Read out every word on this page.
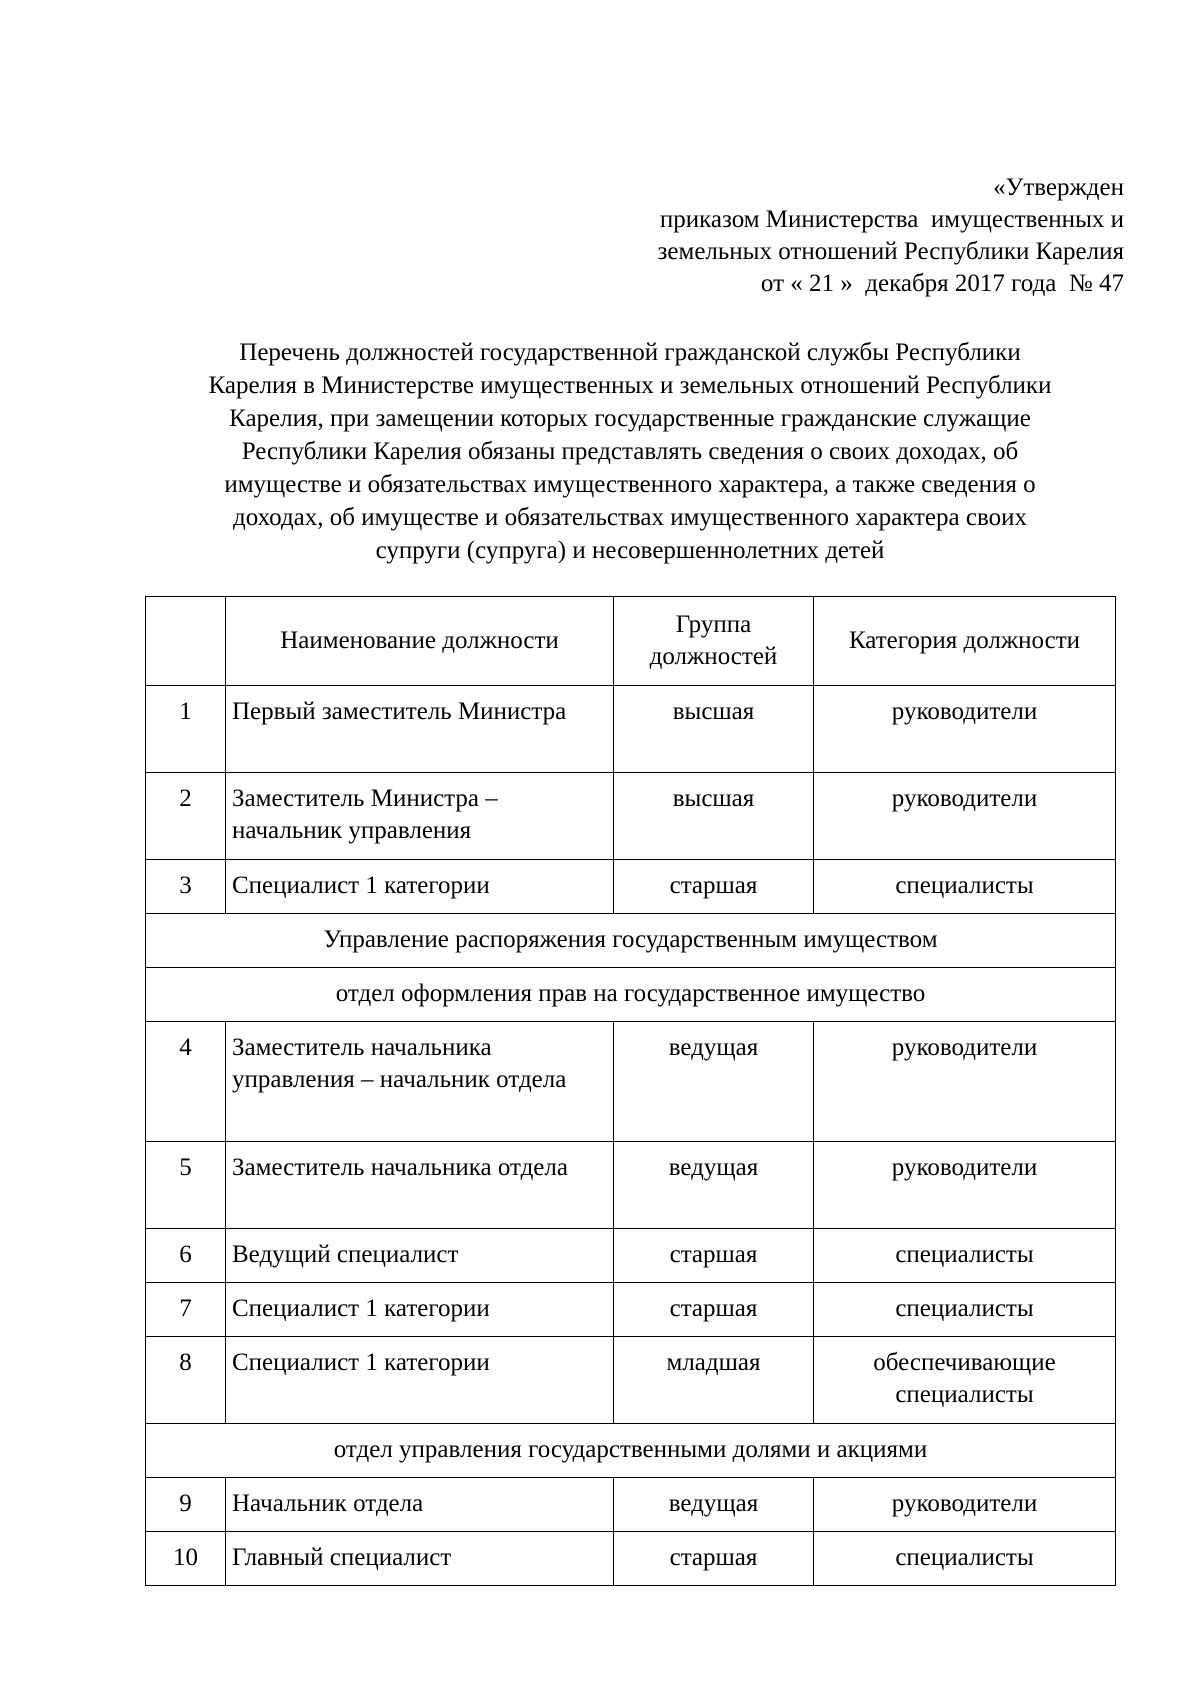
«Утвержден
приказом Министерства  имущественных и
земельных отношений Республики Карелия
от « 21 »  декабря 2017 года  № 47
Перечень должностей государственной гражданской службы Республики
Карелия в Министерстве имущественных и земельных отношений Республики
Карелия, при замещении которых государственные гражданские служащие
Республики Карелия обязаны представлять сведения о своих доходах, об
имуществе и обязательствах имущественного характера, а также сведения о
доходах, об имуществе и обязательствах имущественного характера своих
супруги (супруга) и несовершеннолетних детей
	Наименование должности	Группа должностей	Категория должности
1	Первый заместитель Министра	высшая	руководители
2	Заместитель Министра – начальник управления	высшая	руководители
3	Специалист 1 категории	старшая	специалисты
Управление распоряжения государственным имуществом			
отдел оформления прав на государственное имущество			
4	Заместитель начальника управления – начальник отдела	ведущая	руководители
5	Заместитель начальника отдела	ведущая	руководители
6	Ведущий специалист	старшая	специалисты
7	Специалист 1 категории	старшая	специалисты
8	Специалист 1 категории	младшая	обеспечивающие специалисты
отдел управления государственными долями и акциями			
9	Начальник отдела	ведущая	руководители
10	Главный специалист	старшая	специалисты
